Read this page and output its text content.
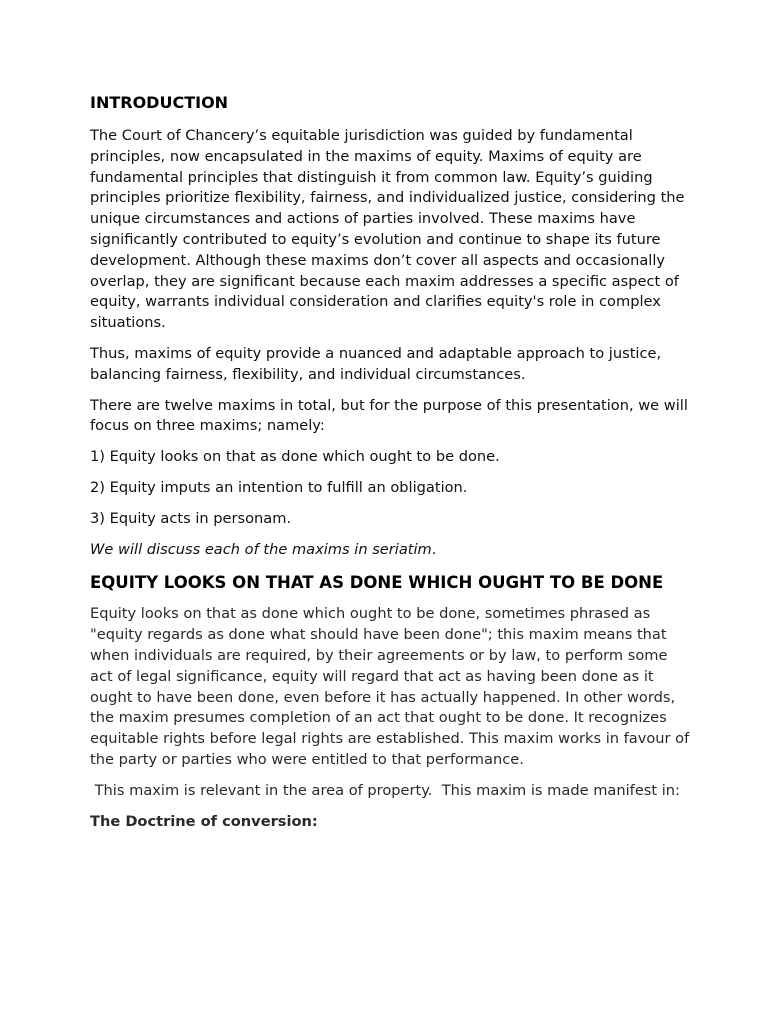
INTRODUCTION

The Court of Chancery’s equitable jurisdiction was guided by fundamental principles, now encapsulated in the maxims of equity. Maxims of equity are fundamental principles that distinguish it from common law. Equity’s guiding principles prioritize flexibility, fairness, and individualized justice, considering the unique circumstances and actions of parties involved. These maxims have significantly contributed to equity’s evolution and continue to shape its future development. Although these maxims don’t cover all aspects and occasionally overlap, they are significant because each maxim addresses a specific aspect of equity, warrants individual consideration and clarifies equity's role in complex situations.

Thus, maxims of equity provide a nuanced and adaptable approach to justice, balancing fairness, flexibility, and individual circumstances.

There are twelve maxims in total, but for the purpose of this presentation, we will focus on three maxims; namely:

1) Equity looks on that as done which ought to be done.

2) Equity imputs an intention to fulfill an obligation.

3) Equity acts in personam.

We will discuss each of the maxims in seriatim.

EQUITY LOOKS ON THAT AS DONE WHICH OUGHT TO BE DONE

Equity looks on that as done which ought to be done, sometimes phrased as "equity regards as done what should have been done"; this maxim means that when individuals are required, by their agreements or by law, to perform some act of legal significance, equity will regard that act as having been done as it ought to have been done, even before it has actually happened. In other words, the maxim presumes completion of an act that ought to be done. It recognizes equitable rights before legal rights are established. This maxim works in favour of the party or parties who were entitled to that performance.

This maxim is relevant in the area of property.  This maxim is made manifest in:

The Doctrine of conversion:
